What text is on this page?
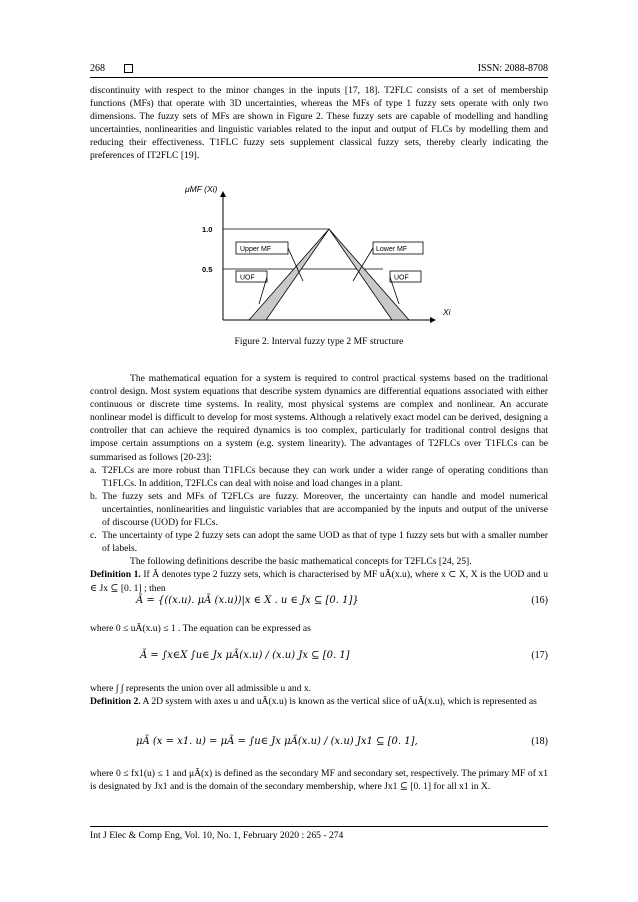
268	ISSN: 2088-8708

discontinuity with respect to the minor changes in the inputs [17, 18]. T2FLC consists of a set of membership functions (MFs) that operate with 3D uncertainties, whereas the MFs of type 1 fuzzy sets operate with only two dimensions. The fuzzy sets of MFs are shown in Figure 2. These fuzzy sets are capable of modelling and handling uncertainties, nonlinearities and linguistic variables related to the input and output of FLCs by modelling them and reducing their effectiveness. T1FLC fuzzy sets supplement classical fuzzy sets, thereby clearly indicating the preferences of IT2FLC [19].

μMF (Xi)
1.0
0.5
Upper MF	Lower MF
UOF	UOF
Xi
Figure 2. Interval fuzzy type 2 MF structure

The mathematical equation for a system is required to control practical systems based on the traditional control design. Most system equations that describe system dynamics are differential equations associated with either continuous or discrete time systems. In reality, most physical systems are complex and nonlinear. An accurate nonlinear model is difficult to develop for most systems. Although a relatively exact model can be derived, designing a controller that can achieve the required dynamics is too complex, particularly for traditional control designs that impose certain assumptions on a system (e.g. system linearity). The advantages of T2FLCs over T1FLCs can be summarised as follows [20-23]:

a. T2FLCs are more robust than T1FLCs because they can work under a wider range of operating conditions than T1FLCs. In addition, T2FLCs can deal with noise and load changes in a plant.
b. The fuzzy sets and MFs of T2FLCs are fuzzy. Moreover, the uncertainty can handle and model numerical uncertainties, nonlinearities and linguistic variables that are accompanied by the inputs and output of the universe of discourse (UOD) for FLCs.
c. The uncertainty of type 2 fuzzy sets can adopt the same UOD as that of type 1 fuzzy sets but with a smaller number of labels.

The following definitions describe the basic mathematical concepts for T2FLCs [24, 25].

Definition 1. If Ã denotes type 2 fuzzy sets, which is characterised by MF uÃ(x.u), where x ⊂ X, X is the UOD and u ∈ Jx ⊆ [0. 1] ; then

Ã = {((x.u). μÃ (x.u))|x ∈ X . u ∈ Jx ⊆ [0. 1]}	(16)

where 0 ≤ uÃ(x.u) ≤ 1 . The equation can be expressed as

Ã = ∫x∈X ∫u∈ Jx μÃ(x.u) / (x.u) Jx ⊆ [0. 1]	(17)

where ∫ ∫ represents the union over all admissible u and x.

Definition 2. A 2D system with axes u and uÃ(x.u) is known as the vertical slice of uÃ(x.u), which is represented as

μÃ (x = x1. u) = μÃ = ∫u∈ Jx μÃ(x.u) / (x.u) Jx1 ⊆ [0. 1],	(18)

where 0 ≤ fx1(u) ≤ 1 and μÃ(x) is defined as the secondary MF and secondary set, respectively. The primary MF of x1 is designated by Jx1 and is the domain of the secondary membership, where Jx1 ⊆ [0. 1] for all x1 in X.

Int J Elec & Comp Eng, Vol. 10, No. 1, February 2020 : 265 - 274
